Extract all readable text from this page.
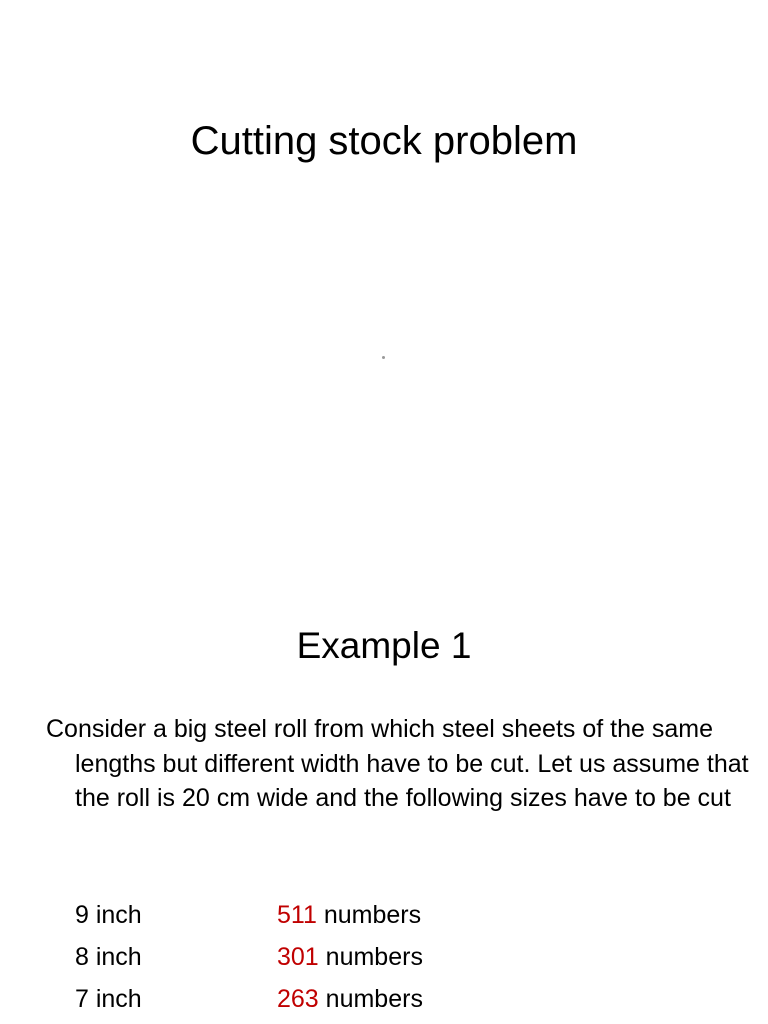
Cutting stock problem
Example 1

Consider a big steel roll from which steel sheets of the same lengths but different width have to be cut. Let us assume that the roll is 20 cm wide and the following sizes have to be cut

9 inch	511 numbers
8 inch	301 numbers
7 inch	263 numbers
